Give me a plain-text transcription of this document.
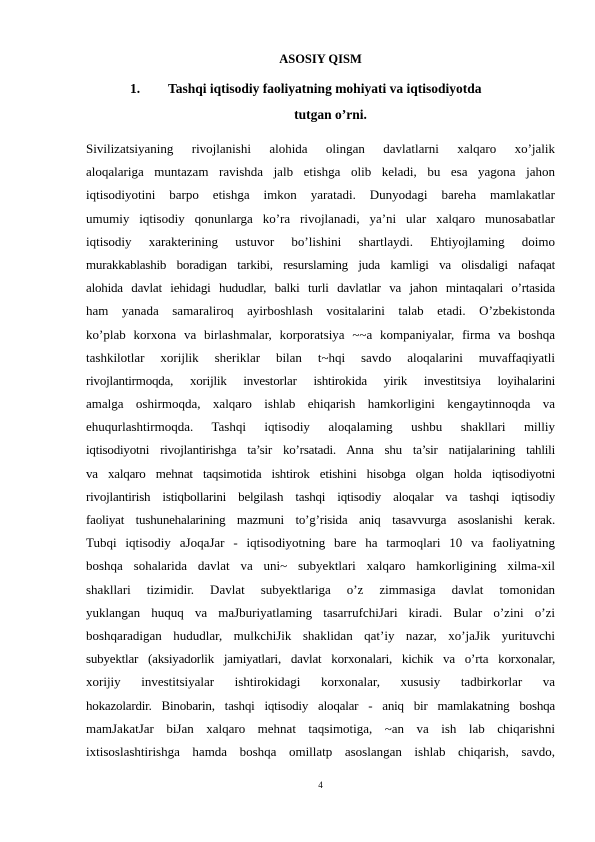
ASOSIY QISM
1. Tashqi iqtisodiy faoliyatning mohiyati va iqtisodiyotda
tutgan o’rni.
Sivilizatsiyaning rivojlanishi alohida olingan davlatlarni xalqaro xo’jalik
aloqalariga muntazam ravishda jalb etishga olib keladi, bu esa yagona jahon
iqtisodiyotini barpo etishga imkon yaratadi. Dunyodagi bareha mamlakatlar
umumiy iqtisodiy qonunlarga ko’ra rivojlanadi, ya’ni ular xalqaro munosabatlar
iqtisodiy xarakterining ustuvor bo’lishini shartlaydi. Ehtiyojlaming doimo
murakkablashib boradigan tarkibi, resurslaming juda kamligi va olisdaligi nafaqat
alohida davlat iehidagi hududlar, balki turli davlatlar va jahon mintaqalari o’rtasida
ham yanada samaraliroq ayirboshlash vositalarini talab etadi. O’zbekistonda
ko’plab korxona va birlashmalar, korporatsiya ~~a kompaniyalar, firma va boshqa
tashkilotlar xorijlik sheriklar bilan t~hqi savdo aloqalarini muvaffaqiyatli
rivojlantirmoqda, xorijlik investorlar ishtirokida yirik investitsiya loyihalarini
amalga oshirmoqda, xalqaro ishlab ehiqarish hamkorligini kengaytinnoqda va
ehuqurlashtirmoqda. Tashqi iqtisodiy aloqalaming ushbu shakllari milliy
iqtisodiyotni rivojlantirishga ta’sir ko’rsatadi. Anna shu ta’sir natijalarining tahlili
va xalqaro mehnat taqsimotida ishtirok etishini hisobga olgan holda iqtisodiyotni
rivojlantirish istiqbollarini belgilash tashqi iqtisodiy aloqalar va tashqi iqtisodiy
faoliyat tushunehalarining mazmuni to’g’risida aniq tasavvurga asoslanishi kerak.
Tubqi iqtisodiy aJoqaJar - iqtisodiyotning bare ha tarmoqlari 10 va faoliyatning
boshqa sohalarida davlat va uni~ subyektlari xalqaro hamkorligining xilma-xil
shakllari tizimidir. Davlat subyektlariga o’z zimmasiga davlat tomonidan
yuklangan huquq va maJburiyatlaming tasarrufchiJari kiradi. Bular o’zini o’zi
boshqaradigan hududlar, mulkchiJik shaklidan qat’iy nazar, xo’jaJik yurituvchi
subyektlar (aksiyadorlik jamiyatlari, davlat korxonalari, kichik va o’rta korxonalar,
xorijiy investitsiyalar ishtirokidagi korxonalar, xususiy tadbirkorlar va
hokazolardir. Binobarin, tashqi iqtisodiy aloqalar - aniq bir mamlakatning boshqa
mamJakatJar biJan xalqaro mehnat taqsimotiga, ~an va ish lab chiqarishni
ixtisoslashtirishga hamda boshqa omillatp asoslangan ishlab chiqarish, savdo,
4
